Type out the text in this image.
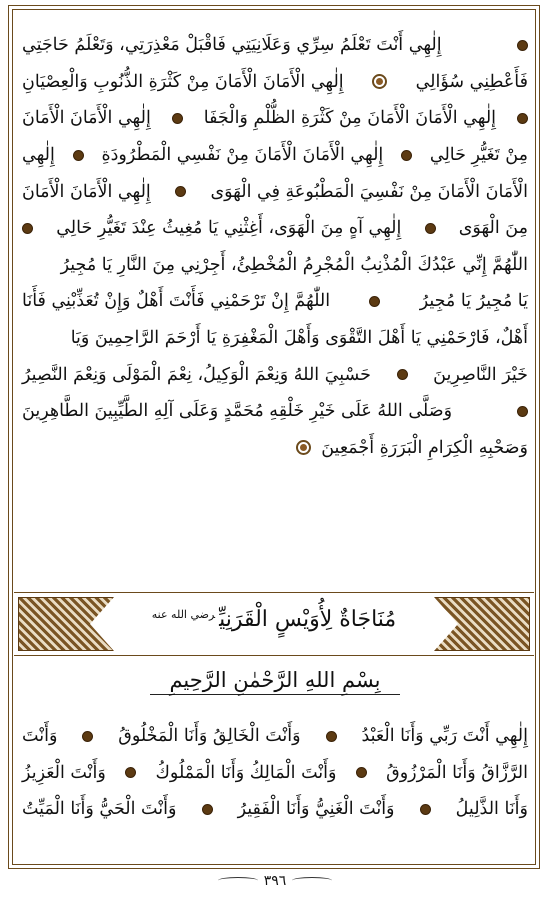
إِلٰهِي أَنْتَ تَعْلَمُ سِرِّي وَعَلَانِيَتِي فَاقْبَلْ مَعْذِرَتِي، وَتَعْلَمُ حَاجَتِي
فَأَعْطِنِي سُؤَالِي
إِلٰهِي الْأَمَانَ الْأَمَانَ مِنْ كَثْرَةِ الذُّنُوبِ وَالْعِصْيَانِ
إِلٰهِي الْأَمَانَ الْأَمَانَ مِنْ كَثْرَةِ الظُّلْمِ وَالْجَفَا
إِلٰهِي الْأَمَانَ الْأَمَانَ
مِنْ تَغَيُّرِ حَالِي
إِلٰهِي الْأَمَانَ الْأَمَانَ مِنْ نَفْسِي الْمَطْرُودَةِ
إِلٰهِي
الْأَمَانَ الْأَمَانَ مِنْ نَفْسِيَ الْمَطْبُوعَةِ فِي الْهَوَى
إِلٰهِي الْأَمَانَ الْأَمَانَ
مِنَ الْهَوَى
إِلٰهِي آهٍ مِنَ الْهَوَى، أَغِثْنِي يَا مُغِيثُ عِنْدَ تَغَيُّرِ حَالِي
اللّٰهُمَّ إِنِّي عَبْدُكَ الْمُذْنِبُ الْمُجْرِمُ الْمُخْطِئُ، أَجِرْنِي مِنَ النَّارِ يَا مُجِيرُ
يَا مُجِيرُ يَا مُجِيرُ
اللّٰهُمَّ إِنْ تَرْحَمْنِي فَأَنْتَ أَهْلٌ وَإِنْ تُعَذِّبْنِي فَأَنَا
أَهْلٌ، فَارْحَمْنِي يَا أَهْلَ التَّقْوَى وَأَهْلَ الْمَغْفِرَةِ يَا أَرْحَمَ الرَّاحِمِينَ وَيَا
خَيْرَ النَّاصِرِينَ
حَسْبِيَ اللهُ وَنِعْمَ الْوَكِيلُ، نِعْمَ الْمَوْلَى وَنِعْمَ النَّصِيرُ
وَصَلَّى اللهُ عَلَى خَيْرِ خَلْقِهِ مُحَمَّدٍ وَعَلَى آلِهِ الطَّيِّبِينَ الطَّاهِرِينَ
وَصَحْبِهِ الْكِرَامِ الْبَرَرَةِ أَجْمَعِينَ
مُنَاجَاةٌ لِأُوَيْسٍ الْقَرَنِيِّ$^{رضي الله عنه}$
بِسْمِ اللهِ الرَّحْمٰنِ الرَّحِيمِ
إِلٰهِي أَنْتَ رَبِّي وَأَنَا الْعَبْدُ
وَأَنْتَ الْخَالِقُ وَأَنَا الْمَخْلُوقُ
وَأَنْتَ
الرَّزَّاقُ وَأَنَا الْمَرْزُوقُ
وَأَنْتَ الْمَالِكُ وَأَنَا الْمَمْلُوكُ
وَأَنْتَ الْعَزِيزُ
وَأَنَا الذَّلِيلُ
وَأَنْتَ الْغَنِيُّ وَأَنَا الْفَقِيرُ
وَأَنْتَ الْحَيُّ وَأَنَا الْمَيِّتُ
٣٩٦
